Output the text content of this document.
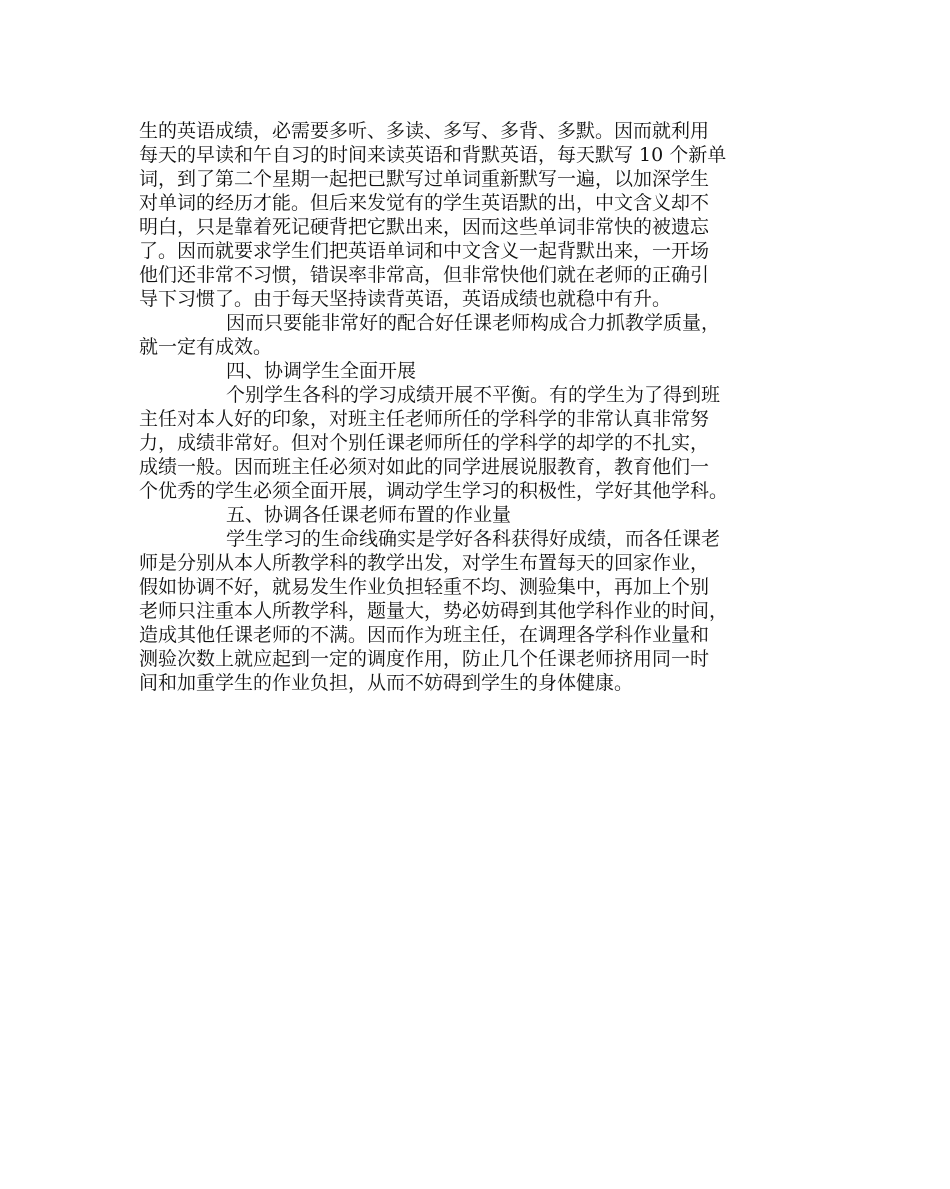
生的英语成绩，必需要多听、多读、多写、多背、多默。因而就利用
每天的早读和午自习的时间来读英语和背默英语，每天默写 10 个新单
词，到了第二个星期一起把已默写过单词重新默写一遍，以加深学生
对单词的经历才能。但后来发觉有的学生英语默的出，中文含义却不
明白，只是靠着死记硬背把它默出来，因而这些单词非常快的被遗忘
了。因而就要求学生们把英语单词和中文含义一起背默出来，一开场
他们还非常不习惯，错误率非常高，但非常快他们就在老师的正确引
导下习惯了。由于每天坚持读背英语，英语成绩也就稳中有升。
因而只要能非常好的配合好任课老师构成合力抓教学质量，
就一定有成效。
四、协调学生全面开展
个别学生各科的学习成绩开展不平衡。有的学生为了得到班
主任对本人好的印象，对班主任老师所任的学科学的非常认真非常努
力，成绩非常好。但对个别任课老师所任的学科学的却学的不扎实，
成绩一般。因而班主任必须对如此的同学进展说服教育，教育他们一
个优秀的学生必须全面开展，调动学生学习的积极性，学好其他学科。
五、协调各任课老师布置的作业量
学生学习的生命线确实是学好各科获得好成绩，而各任课老
师是分别从本人所教学科的教学出发，对学生布置每天的回家作业，
假如协调不好，就易发生作业负担轻重不均、测验集中，再加上个别
老师只注重本人所教学科，题量大，势必妨碍到其他学科作业的时间，
造成其他任课老师的不满。因而作为班主任，在调理各学科作业量和
测验次数上就应起到一定的调度作用，防止几个任课老师挤用同一时
间和加重学生的作业负担，从而不妨碍到学生的身体健康。
